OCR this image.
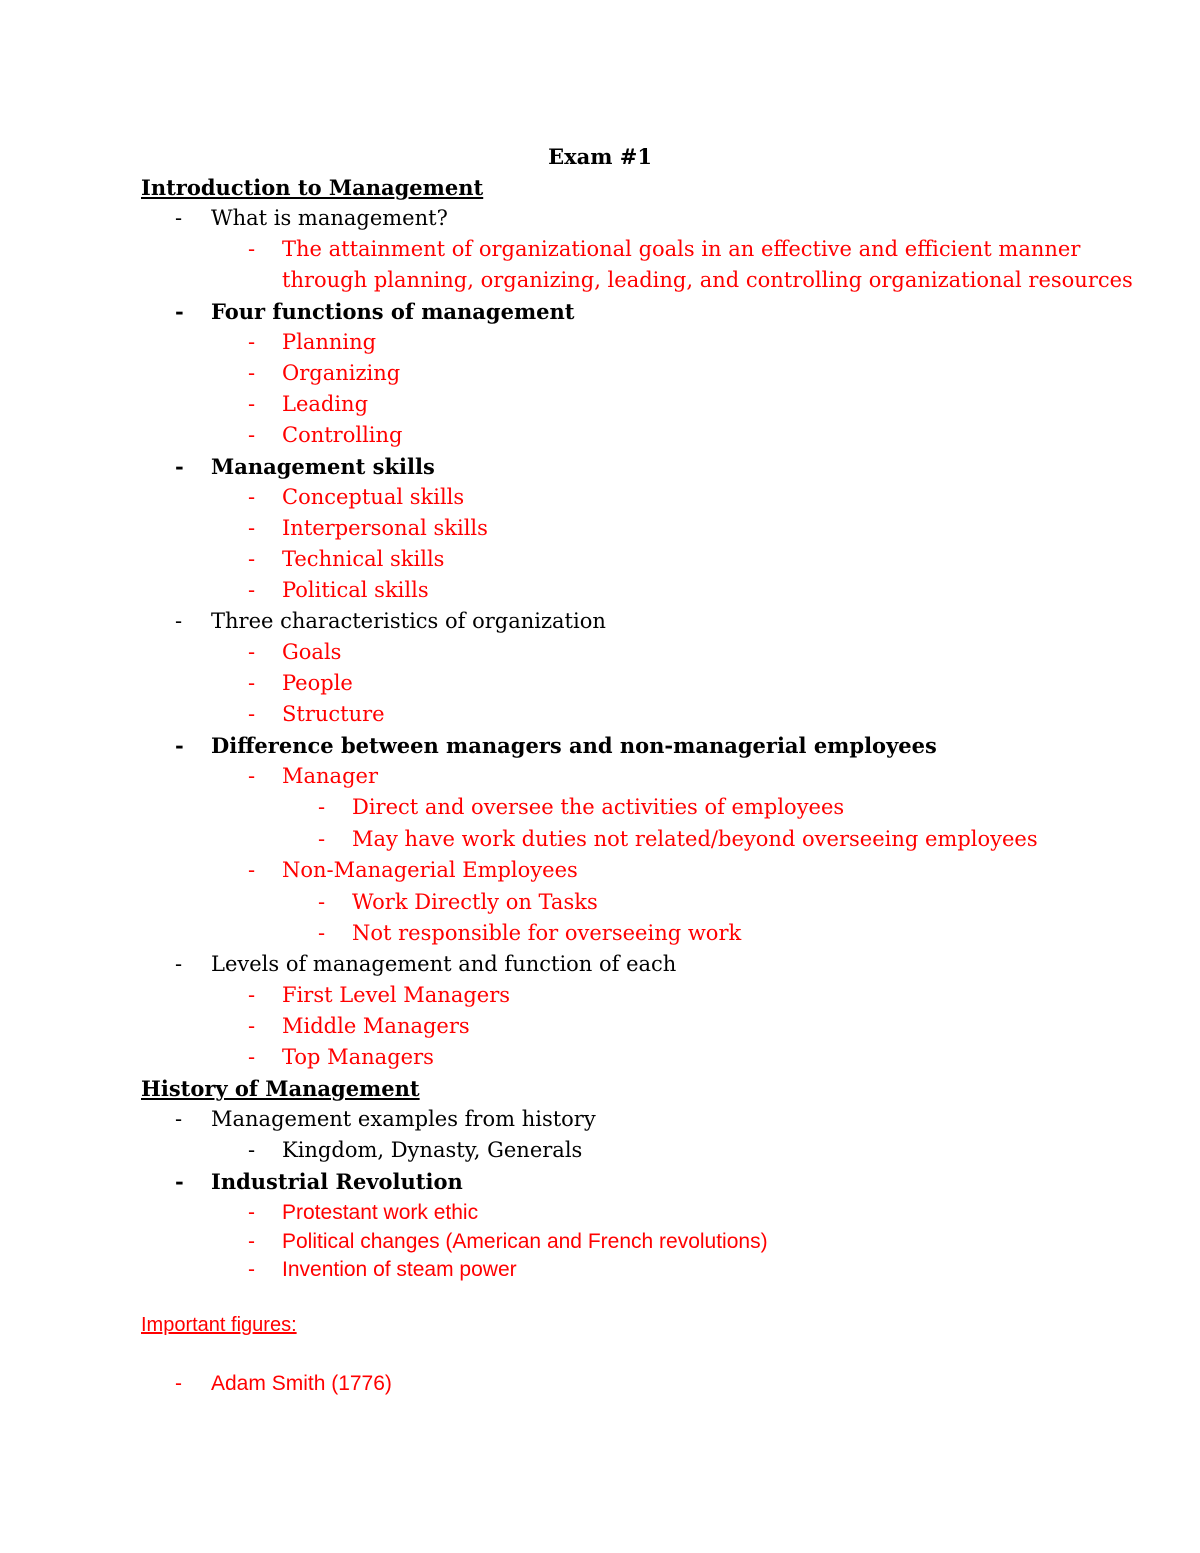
Exam #1
Introduction to Management
- What is management?
- The attainment of organizational goals in an effective and efficient manner
through planning, organizing, leading, and controlling organizational resources
- Four functions of management
- Planning
- Organizing
- Leading
- Controlling
- Management skills
- Conceptual skills
- Interpersonal skills
- Technical skills
- Political skills
- Three characteristics of organization
- Goals
- People
- Structure
- Difference between managers and non-managerial employees
- Manager
- Direct and oversee the activities of employees
- May have work duties not related/beyond overseeing employees
- Non-Managerial Employees
- Work Directly on Tasks
- Not responsible for overseeing work
- Levels of management and function of each
- First Level Managers
- Middle Managers
- Top Managers
History of Management
- Management examples from history
- Kingdom, Dynasty, Generals
- Industrial Revolution
- Protestant work ethic
- Political changes (American and French revolutions)
- Invention of steam power
Important figures:
- Adam Smith (1776)
